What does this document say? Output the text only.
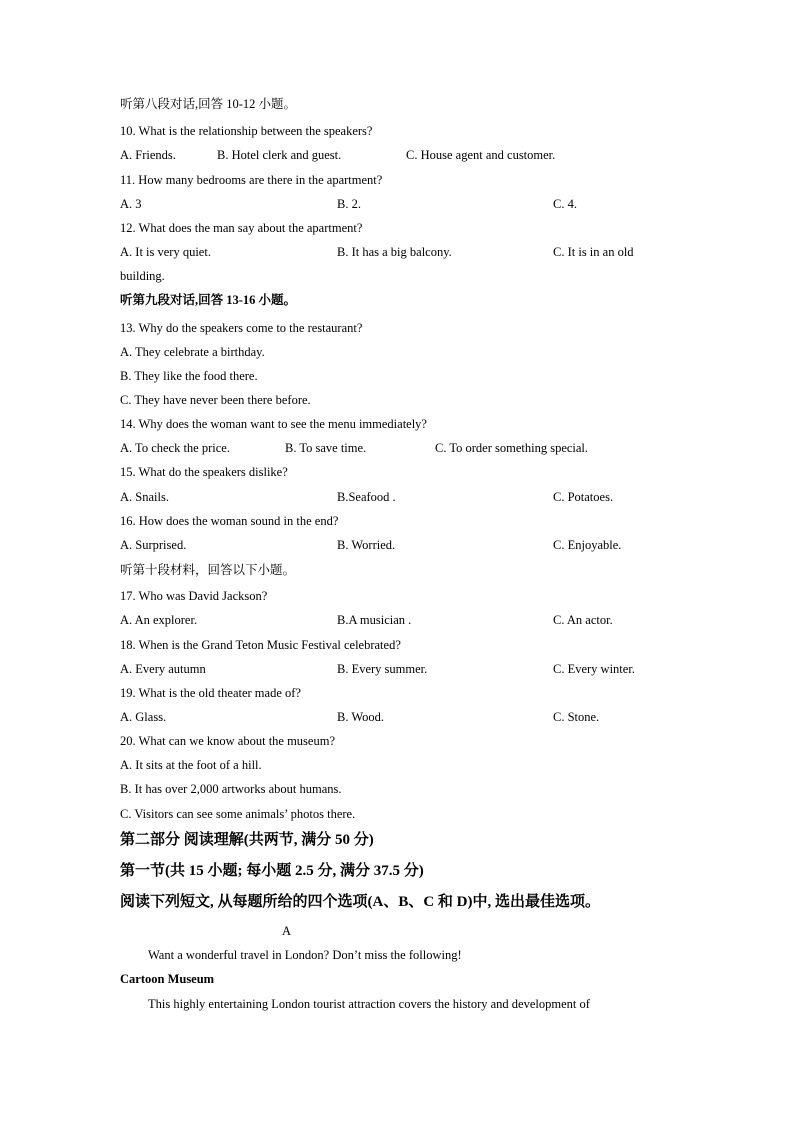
听第八段对话,回答 10-12 小题。
10. What is the relationship between the speakers?
A. Friends.	B. Hotel clerk and guest.	C. House agent and customer.
11. How many bedrooms are there in the apartment?
A. 3	B. 2.	C. 4.
12. What does the man say about the apartment?
A. It is very quiet.	B. It has a big balcony.	C. It is in an old
building.
听第九段对话,回答 13-16 小题。
13. Why do the speakers come to the restaurant?
A. They celebrate a birthday.
B. They like the food there.
C. They have never been there before.
14. Why does the woman want to see the menu immediately?
A. To check the price.	B. To save time.	C. To order something special.
15. What do the speakers dislike?
A. Snails.	B.Seafood .	C. Potatoes.
16. How does the woman sound in the end?
A. Surprised.	B. Worried.	C. Enjoyable.
听第十段材料，回答以下小题。
17. Who was David Jackson?
A. An explorer.	B.A musician .	C. An actor.
18. When is the Grand Teton Music Festival celebrated?
A. Every autumn	B. Every summer.	C. Every winter.
19. What is the old theater made of?
A. Glass.	B. Wood.	C. Stone.
20. What can we know about the museum?
A. It sits at the foot of a hill.
B. It has over 2,000 artworks about humans.
C. Visitors can see some animals’ photos there.
第二部分 阅读理解(共两节, 满分 50 分)
第一节(共 15 小题; 每小题 2.5 分, 满分 37.5 分)
阅读下列短文, 从每题所给的四个选项(A、B、C 和 D)中, 选出最佳选项。
A
Want a wonderful travel in London? Don’t miss the following!
Cartoon Museum
This highly entertaining London tourist attraction covers the history and development of
